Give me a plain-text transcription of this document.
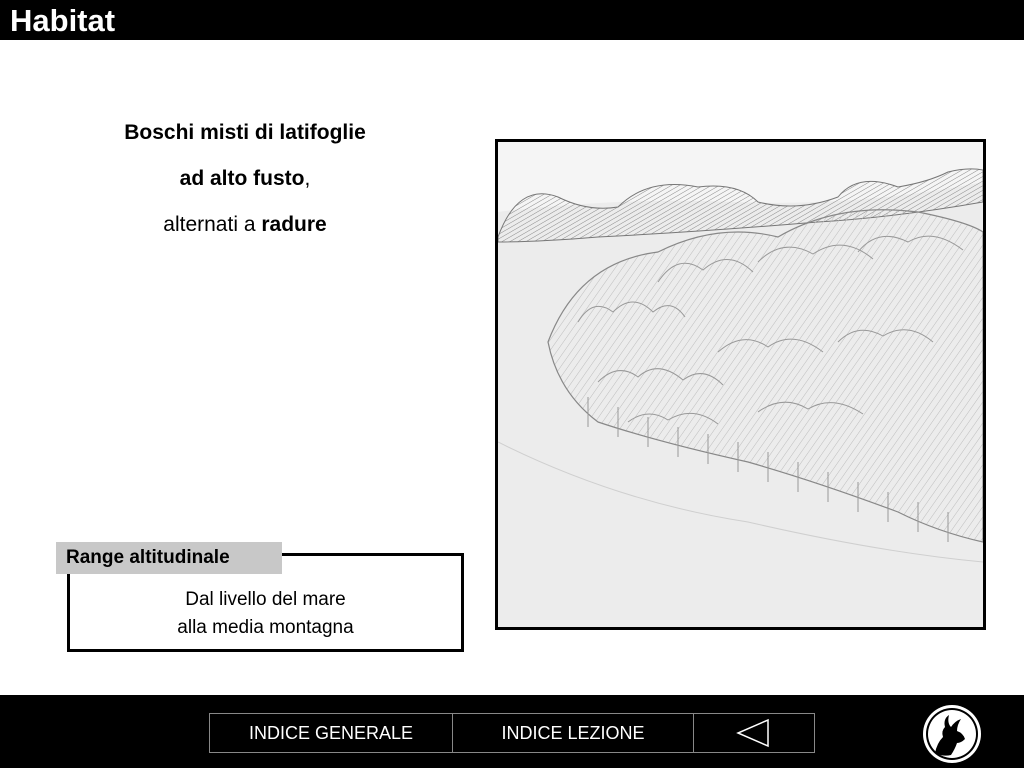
Habitat

Boschi misti di latifoglie

ad alto fusto,

alternati a radure

Dal livello del mare
alla media montagna
Range altitudinale
INDICE GENERALE	INDICE LEZIONE
